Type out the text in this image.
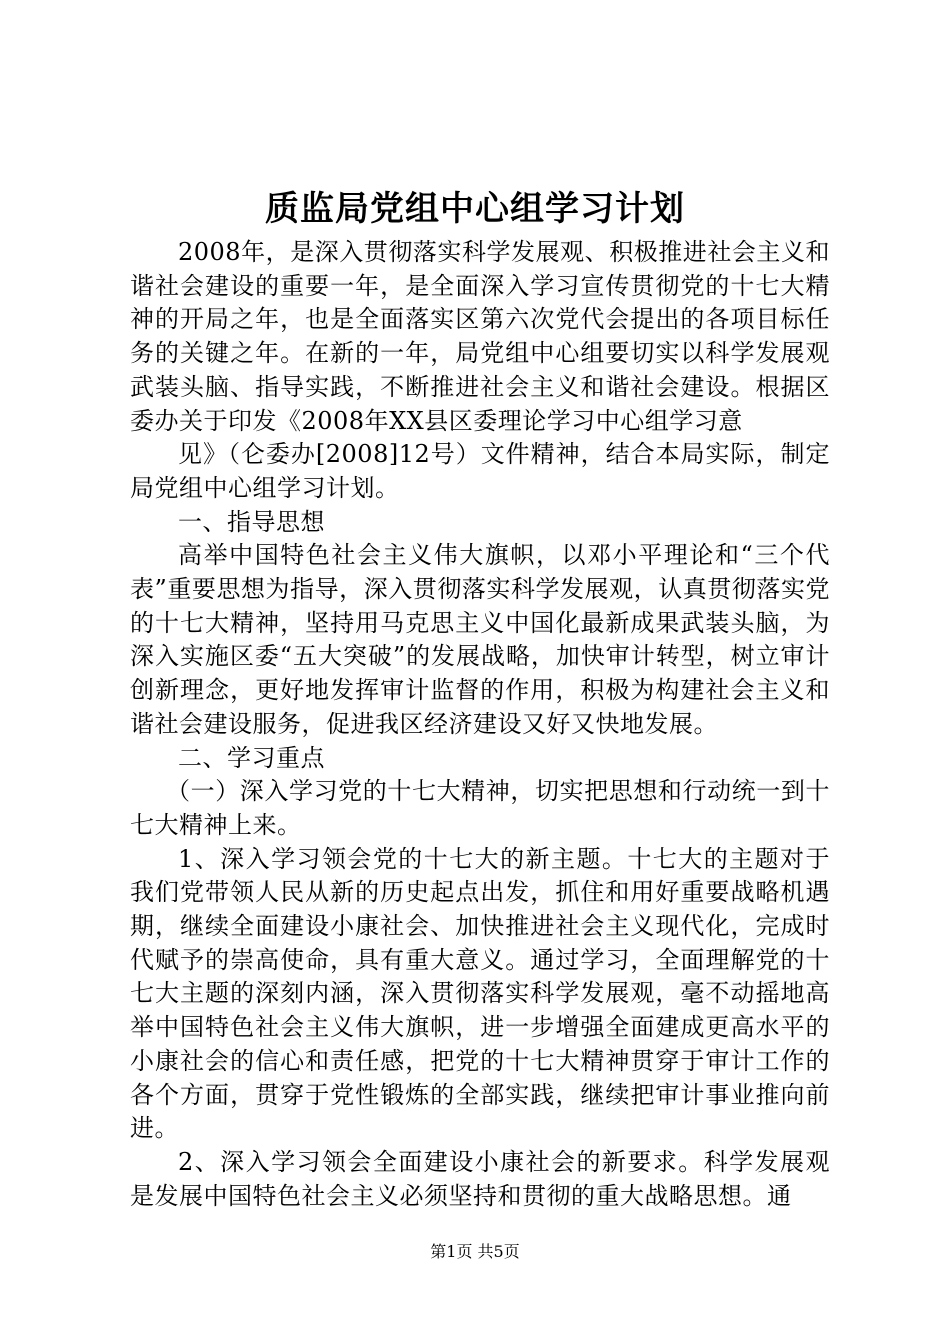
质监局党组中心组学习计划

2008年，是深入贯彻落实科学发展观、积极推进社会主义和谐社会建设的重要一年，是全面深入学习宣传贯彻党的十七大精神的开局之年，也是全面落实区第六次党代会提出的各项目标任务的关键之年。在新的一年，局党组中心组要切实以科学发展观武装头脑、指导实践，不断推进社会主义和谐社会建设。根据区委办关于印发《2008年XX县区委理论学习中心组学习意

见》（仑委办[2008]12号）文件精神，结合本局实际，制定局党组中心组学习计划。

一、指导思想

高举中国特色社会主义伟大旗帜，以邓小平理论和“三个代表”重要思想为指导，深入贯彻落实科学发展观，认真贯彻落实党的十七大精神，坚持用马克思主义中国化最新成果武装头脑，为深入实施区委“五大突破”的发展战略，加快审计转型，树立审计创新理念，更好地发挥审计监督的作用，积极为构建社会主义和谐社会建设服务，促进我区经济建设又好又快地发展。

二、学习重点

（一）深入学习党的十七大精神，切实把思想和行动统一到十七大精神上来。

1、深入学习领会党的十七大的新主题。十七大的主题对于我们党带领人民从新的历史起点出发，抓住和用好重要战略机遇期，继续全面建设小康社会、加快推进社会主义现代化，完成时代赋予的崇高使命，具有重大意义。通过学习，全面理解党的十七大主题的深刻内涵，深入贯彻落实科学发展观，毫不动摇地高举中国特色社会主义伟大旗帜，进一步增强全面建成更高水平的小康社会的信心和责任感，把党的十七大精神贯穿于审计工作的各个方面，贯穿于党性锻炼的全部实践，继续把审计事业推向前进。

2、深入学习领会全面建设小康社会的新要求。科学发展观是发展中国特色社会主义必须坚持和贯彻的重大战略思想。通

第1页 共5页
